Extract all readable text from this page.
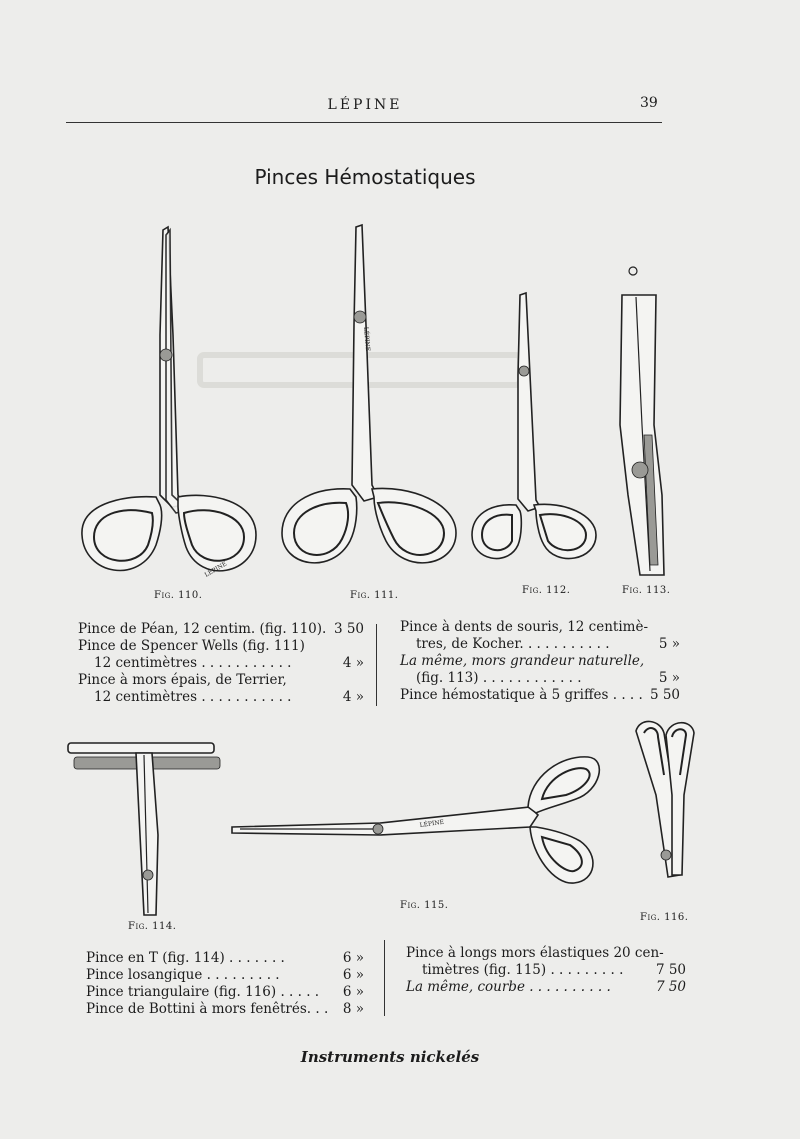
LÉPINE	39
Pinces Hémostatiques
LÉPINE
LÉPINE
Fig. 110.	Fig. 111.	Fig. 112.	Fig. 113.
Pince de Péan, 12 centim. (fig. 110). 3 50
Pince de Spencer Wells (fig. 111)
12 centimètres . . . . . . . . . . .	4 »
Pince à mors épais, de Terrier,
12 centimètres . . . . . . . . . . .	4 »
Pince à dents de souris, 12 centimè-
tres, de Kocher. . . . . . . . . . .	5 »
La même, mors grandeur naturelle,
(fig. 113) . . . . . . . . . . . .	5 »
Pince hémostatique à 5 griffes . . . . 5 50
LÉPINE
Fig. 114.
Fig. 115.
Fig. 116.
Pince en T (fig. 114) . . . . . . .	6 »
Pince losangique . . . . . . . . .	6 »
Pince triangulaire (fig. 116) . . . . . 6 »
Pince de Bottini à mors fenêtrés. . . 8 »
Pince à longs mors élastiques 20 cen-
timètres (fig. 115) . . . . . . . . . 7 50
La même, courbe . . . . . . . . . .	7 50
Instruments nickelés
